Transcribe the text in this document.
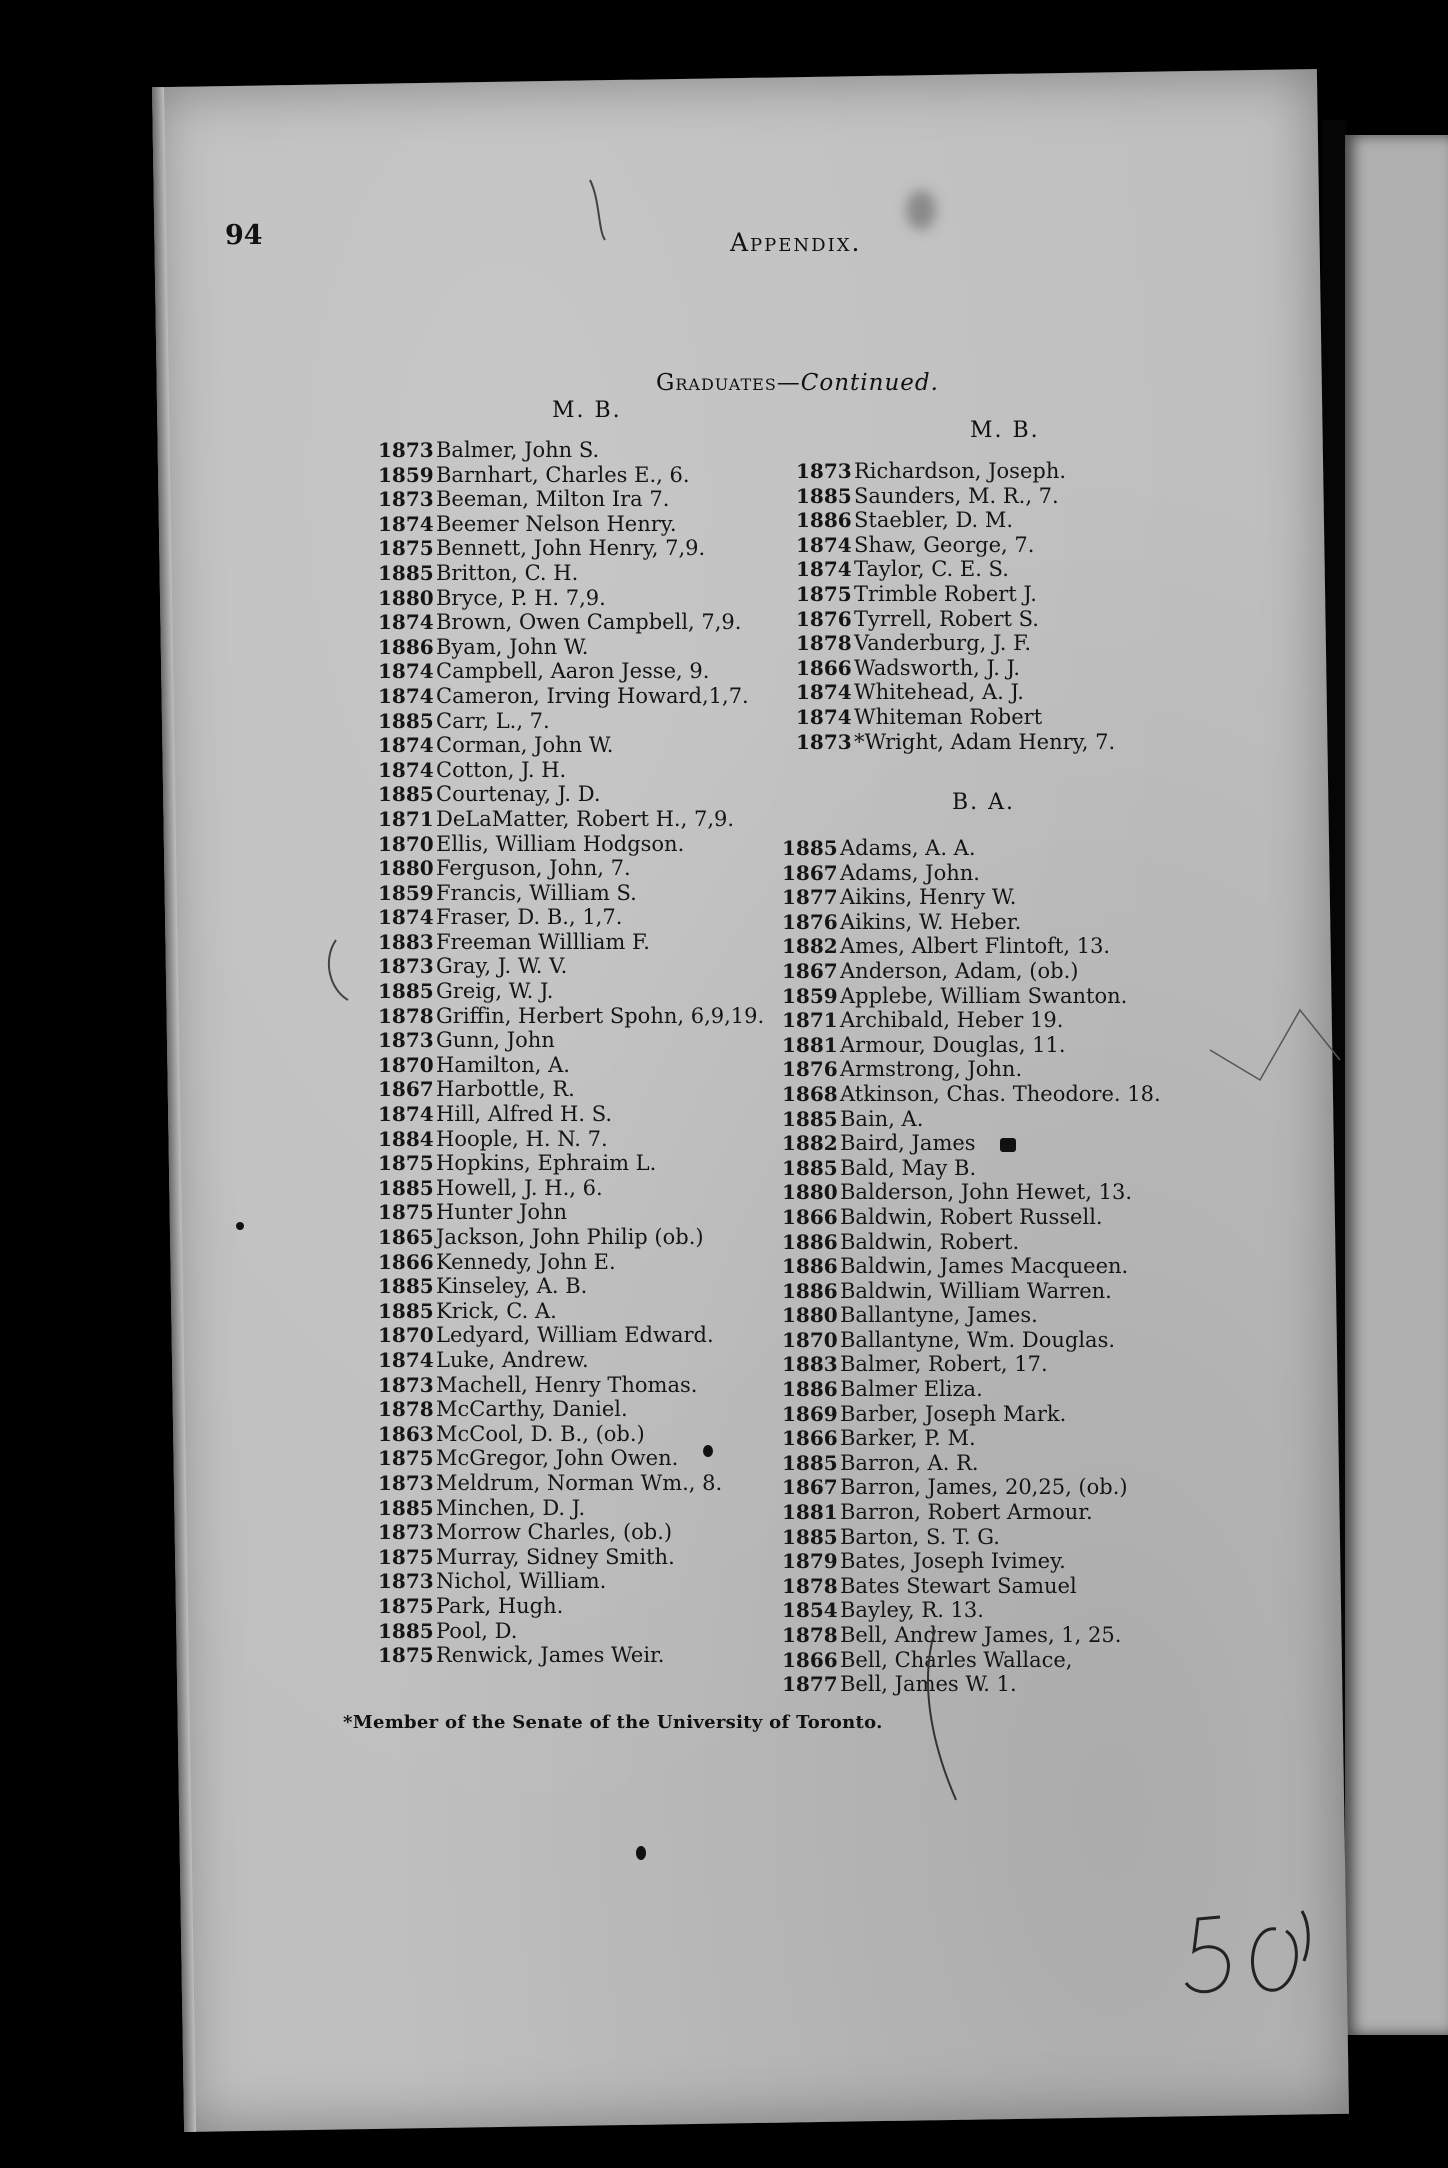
94	Appendix.
Graduates—Continued.
M. B.
M. B.
1873 Balmer, John S.
1859 Barnhart, Charles E., 6.
1873 Beeman, Milton Ira 7.
1874 Beemer Nelson Henry.
1875 Bennett, John Henry, 7,9.
1885 Britton, C. H.
1880 Bryce, P. H. 7,9.
1874 Brown, Owen Campbell, 7,9.
1886 Byam, John W.
1874 Campbell, Aaron Jesse, 9.
1874 Cameron, Irving Howard,1,7.
1885 Carr, L., 7.
1874 Corman, John W.
1874 Cotton, J. H.
1885 Courtenay, J. D.
1871 DeLaMatter, Robert H., 7,9.
1870 Ellis, William Hodgson.
1880 Ferguson, John, 7.
1859 Francis, William S.
1874 Fraser, D. B., 1,7.
1883 Freeman Willliam F.
1873 Gray, J. W. V.
1885 Greig, W. J.
1878 Griffin, Herbert Spohn, 6,9,19.
1873 Gunn, John
1870 Hamilton, A.
1867 Harbottle, R.
1874 Hill, Alfred H. S.
1884 Hoople, H. N. 7.
1875 Hopkins, Ephraim L.
1885 Howell, J. H., 6.
1875 Hunter John
1865 Jackson, John Philip (ob.)
1866 Kennedy, John E.
1885 Kinseley, A. B.
1885 Krick, C. A.
1870 Ledyard, William Edward.
1874 Luke, Andrew.
1873 Machell, Henry Thomas.
1878 McCarthy, Daniel.
1863 McCool, D. B., (ob.)
1875 McGregor, John Owen.
1873 Meldrum, Norman Wm., 8.
1885 Minchen, D. J.
1873 Morrow Charles, (ob.)
1875 Murray, Sidney Smith.
1873 Nichol, William.
1875 Park, Hugh.
1885 Pool, D.
1875 Renwick, James Weir.
1873 Richardson, Joseph.
1885 Saunders, M. R., 7.
1886 Staebler, D. M.
1874 Shaw, George, 7.
1874 Taylor, C. E. S.
1875 Trimble Robert J.
1876 Tyrrell, Robert S.
1878 Vanderburg, J. F.
1866 Wadsworth, J. J.
1874 Whitehead, A. J.
1874 Whiteman Robert
1873 *Wright, Adam Henry, 7.
B. A.
1885 Adams, A. A.
1867 Adams, John.
1877 Aikins, Henry W.
1876 Aikins, W. Heber.
1882 Ames, Albert Flintoft, 13.
1867 Anderson, Adam, (ob.)
1859 Applebe, William Swanton.
1871 Archibald, Heber 19.
1881 Armour, Douglas, 11.
1876 Armstrong, John.
1868 Atkinson, Chas. Theodore. 18.
1885 Bain, A.
1882 Baird, James
1885 Bald, May B.
1880 Balderson, John Hewet, 13.
1866 Baldwin, Robert Russell.
1886 Baldwin, Robert.
1886 Baldwin, James Macqueen.
1886 Baldwin, William Warren.
1880 Ballantyne, James.
1870 Ballantyne, Wm. Douglas.
1883 Balmer, Robert, 17.
1886 Balmer Eliza.
1869 Barber, Joseph Mark.
1866 Barker, P. M.
1885 Barron, A. R.
1867 Barron, James, 20,25, (ob.)
1881 Barron, Robert Armour.
1885 Barton, S. T. G.
1879 Bates, Joseph Ivimey.
1878 Bates Stewart Samuel
1854 Bayley, R. 13.
1878 Bell, Andrew James, 1, 25.
1866 Bell, Charles Wallace,
1877 Bell, James W. 1.
*Member of the Senate of the University of Toronto.
